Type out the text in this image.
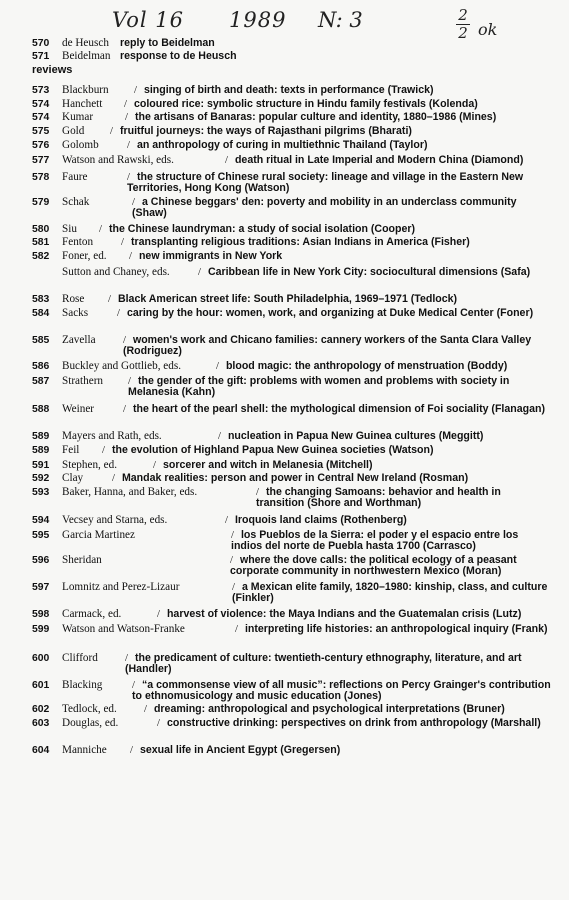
Vol 16 1989 N: 3	2
2 ok
reviews
570 de Heusch reply to Beidelman
571 Beidelman response to de Heusch
573 Blackburn / singing of birth and death: texts in performance (Trawick)
574 Hanchett / coloured rice: symbolic structure in Hindu family festivals (Kolenda)
574 Kumar	/ the artisans of Banaras: popular culture and identity, 1880–1986 (Mines)
575 Gold / fruitful journeys: the ways of Rajasthani pilgrims (Bharati)
576 Golomb	/ an anthropology of curing in multiethnic Thailand (Taylor)
577 Watson and Rawski, eds.	/ death ritual in Late Imperial and Modern China (Diamond)
578 Faure	/ the structure of Chinese rural society: lineage and village in the Eastern New Territories, Hong Kong (Watson)
579 Schak	/ a Chinese beggars' den: poverty and mobility in an underclass community (Shaw)
580 Siu / the Chinese laundryman: a study of social isolation (Cooper)
581 Fenton	/ transplanting religious traditions: Asian Indians in America (Fisher)
582 Foner, ed. / new immigrants in New York
Sutton and Chaney, eds.	/ Caribbean life in New York City: sociocultural dimensions (Safa)
583 Rose / Black American street life: South Philadelphia, 1969–1971 (Tedlock)
584 Sacks	/ caring by the hour: women, work, and organizing at Duke Medical Center (Foner)
585 Zavella	/ women's work and Chicano families: cannery workers of the Santa Clara Valley (Rodriguez)
586 Buckley and Gottlieb, eds.	/ blood magic: the anthropology of menstruation (Boddy)
587 Strathern / the gender of the gift: problems with women and problems with society in Melanesia (Kahn)
588 Weiner	/ the heart of the pearl shell: the mythological dimension of Foi sociality (Flanagan)
589 Mayers and Rath, eds.	/ nucleation in Papua New Guinea cultures (Meggitt)
589 Feil / the evolution of Highland Papua New Guinea societies (Watson)
591 Stephen, ed.	/ sorcerer and witch in Melanesia (Mitchell)
592 Clay	/ Mandak realities: person and power in Central New Ireland (Rosman)
593 Baker, Hanna, and Baker, eds.	/ the changing Samoans: behavior and health in transition (Shore and Worthman)
594 Vecsey and Starna, eds.	/ Iroquois land claims (Rothenberg)
595 Garcia Martinez	/ los Pueblos de la Sierra: el poder y el espacio entre los indios del norte de Puebla hasta 1700 (Carrasco)
596 Sheridan	/ where the dove calls: the political ecology of a peasant corporate community in northwestern Mexico (Moran)
597 Lomnitz and Perez-Lizaur	/ a Mexican elite family, 1820–1980: kinship, class, and culture (Finkler)
598 Carmack, ed.	/ harvest of violence: the Maya Indians and the Guatemalan crisis (Lutz)
599 Watson and Watson-Franke	/ interpreting life histories: an anthropological inquiry (Frank)
600 Clifford	/ the predicament of culture: twentieth-century ethnography, literature, and art (Handler)
601 Blacking	/ “a commonsense view of all music”: reflections on Percy Grainger's contribution to ethnomusicology and music education (Jones)
602 Tedlock, ed.	/ dreaming: anthropological and psychological interpretations (Bruner)
603 Douglas, ed.	/ constructive drinking: perspectives on drink from anthropology (Marshall)
604 Manniche / sexual life in Ancient Egypt (Gregersen)
